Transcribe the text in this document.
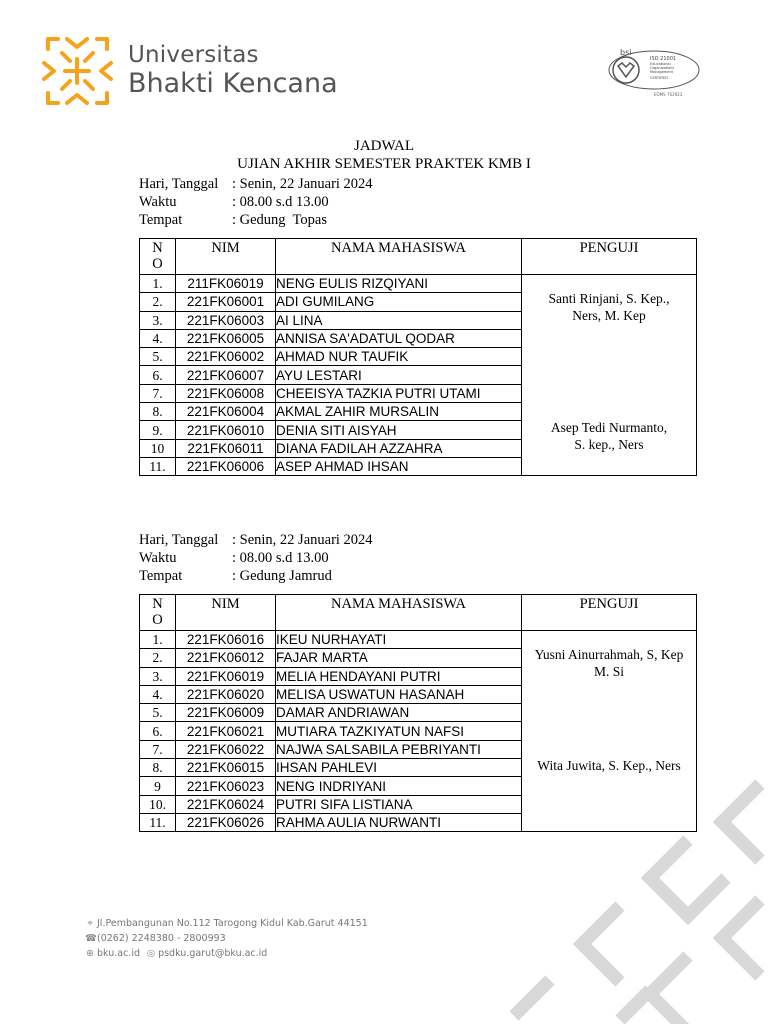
Universitas
Bhakti Kencana
bsi
ISO 21001
Educational
Organizations
Management
CERTIFIED
EOMS 763923
JADWAL
UJIAN AKHIR SEMESTER PRAKTEK KMB I
Hari, Tanggal : Senin, 22 Januari 2024
Waktu	: 08.00 s.d 13.00
Tempat	: Gedung  Topas
N
O	NIM	NAMA MAHASISWA	PENGUJI
1.	211FK06019	NENG EULIS RIZQIYANI	Santi Rinjani, S. Kep.,
Ners, M. Kep
Asep Tedi Nurmanto,
S. kep., Ners

2.	221FK06001	ADI GUMILANG	
3.	221FK06003	AI LINA	
4.	221FK06005	ANNISA SA'ADATUL QODAR	
5.	221FK06002	AHMAD NUR TAUFIK	
6.	221FK06007	AYU LESTARI	
7.	221FK06008	CHEEISYA TAZKIA PUTRI UTAMI	
8.	221FK06004	AKMAL ZAHIR MURSALIN	
9.	221FK06010	DENIA SITI AISYAH	
10	221FK06011	DIANA FADILAH AZZAHRA	
11.	221FK06006	ASEP AHMAD IHSAN	
Hari, Tanggal : Senin, 22 Januari 2024
Waktu	: 08.00 s.d 13.00
Tempat	: Gedung Jamrud
N
O	NIM	NAMA MAHASISWA	PENGUJI
1.	221FK06016	IKEU NURHAYATI	Yusni Ainurrahmah, S, Kep
M. Si
Wita Juwita, S. Kep., Ners

2.	221FK06012	FAJAR MARTA	
3.	221FK06019	MELIA HENDAYANI PUTRI	
4.	221FK06020	MELISA USWATUN HASANAH	
5.	221FK06009	DAMAR ANDRIAWAN	
6.	221FK06021	MUTIARA TAZKIYATUN NAFSI	
7.	221FK06022	NAJWA SALSABILA PEBRIYANTI	
8.	221FK06015	IHSAN PAHLEVI	
9	221FK06023	NENG INDRIYANI	
10.	221FK06024	PUTRI SIFA LISTIANA	
11.	221FK06026	RAHMA AULIA NURWANTI	
⌖ Jl.Pembangunan No.112 Tarogong Kidul Kab.Garut 44151
☎(0262) 2248380 - 2800993
⊕ bku.ac.id ◎ psdku.garut@bku.ac.id
